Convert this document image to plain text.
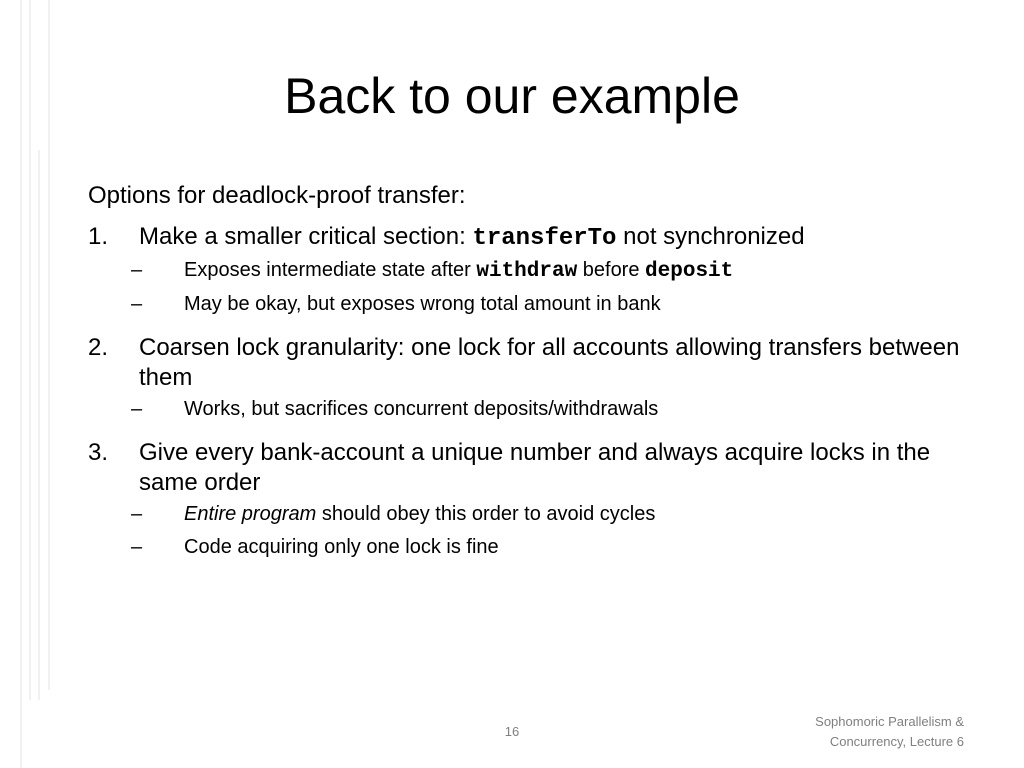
Back to our example
Options for deadlock-proof transfer:
1. Make a smaller critical section: transferTo not synchronized
– Exposes intermediate state after withdraw before deposit
– May be okay, but exposes wrong total amount in bank
2. Coarsen lock granularity: one lock for all accounts allowing transfers between them
– Works, but sacrifices concurrent deposits/withdrawals
3. Give every bank-account a unique number and always acquire locks in the same order
– Entire program should obey this order to avoid cycles
– Code acquiring only one lock is fine
16
Sophomoric Parallelism &
Concurrency, Lecture 6
